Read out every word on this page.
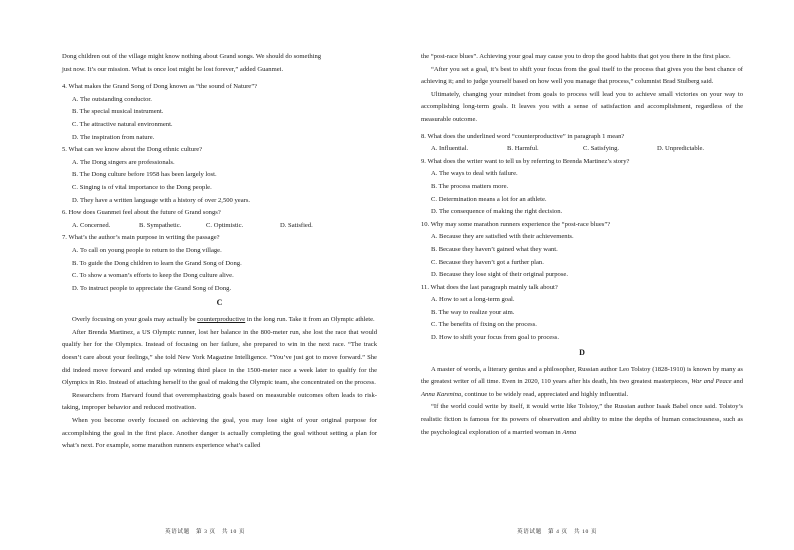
Dong children out of the village might know nothing about Grand songs. We should do something

just now. It’s our mission. What is once lost might be lost forever,” added Guanmei.

4. What makes the Grand Song of Dong known as “the sound of Nature”?
A. The outstanding conductor.
B. The special musical instrument.
C. The attractive natural environment.
D. The inspiration from nature.
5. What can we know about the Dong ethnic culture?
A. The Dong singers are professionals.
B. The Dong culture before 1958 has been largely lost.
C. Singing is of vital importance to the Dong people.
D. They have a written language with a history of over 2,500 years.
6. How does Guanmei feel about the future of Grand songs?
A. Concerned.	B. Sympathetic.	C. Optimistic.	D. Satisfied.
7. What’s the author’s main purpose in writing the passage?
A. To call on young people to return to the Dong village.
B. To guide the Dong children to learn the Grand Song of Dong.
C. To show a woman’s efforts to keep the Dong culture alive.
D. To instruct people to appreciate the Grand Song of Dong.
C

Overly focusing on your goals may actually be counterproductive in the long run. Take it from an Olympic athlete.

After Brenda Martinez, a US Olympic runner, lost her balance in the 800-meter run, she lost the race that would qualify her for the Olympics. Instead of focusing on her failure, she prepared to win in the next race. “The track doesn’t care about your feelings,” she told New York Magazine Intelligence. “You’ve just got to move forward.” She did indeed move forward and ended up winning third place in the 1500-meter race a week later to qualify for the Olympics in Rio. Instead of attaching herself to the goal of making the Olympic team, she concentrated on the process.

Researchers from Harvard found that overemphasizing goals based on measurable outcomes often leads to risk-taking, improper behavior and reduced motivation.

When you become overly focused on achieving the goal, you may lose sight of your original purpose for accomplishing the goal in the first place. Another danger is actually completing the goal without setting a plan for what’s next. For example, some marathon runners experience what’s called

英语试题　第 3 页　共 10 页

the “post-race blues”. Achieving your goal may cause you to drop the good habits that got you there in the first place.

“After you set a goal, it’s best to shift your focus from the goal itself to the process that gives you the best chance of achieving it; and to judge yourself based on how well you manage that process,” columnist Brad Stulberg said.

Ultimately, changing your mindset from goals to process will lead you to achieve small victories on your way to accomplishing long-term goals. It leaves you with a sense of satisfaction and accomplishment, regardless of the measurable outcome.

8. What does the underlined word “counterproductive” in paragraph 1 mean?
A. Influential.	B. Harmful.	C. Satisfying.	D. Unpredictable.
9. What does the writer want to tell us by referring to Brenda Martinez’s story?
A. The ways to deal with failure.
B. The process matters more.
C. Determination means a lot for an athlete.
D. The consequence of making the right decision.
10. Why may some marathon runners experience the “post-race blues”?
A. Because they are satisfied with their achievements.
B. Because they haven’t gained what they want.
C. Because they haven’t got a further plan.
D. Because they lose sight of their original purpose.
11. What does the last paragraph mainly talk about?
A. How to set a long-term goal.
B. The way to realize your aim.
C. The benefits of fixing on the process.
D. How to shift your focus from goal to process.
D

A master of words, a literary genius and a philosopher, Russian author Leo Tolstoy (1828-1910) is known by many as the greatest writer of all time. Even in 2020, 110 years after his death, his two greatest masterpieces, War and Peace and Anna Karenina, continue to be widely read, appreciated and highly influential.

“If the world could write by itself, it would write like Tolstoy,” the Russian author Isaak Babel once said. Tolstoy’s realistic fiction is famous for its powers of observation and ability to mine the depths of human consciousness, such as the psychological exploration of a married woman in Anna

英语试题　第 4 页　共 10 页
